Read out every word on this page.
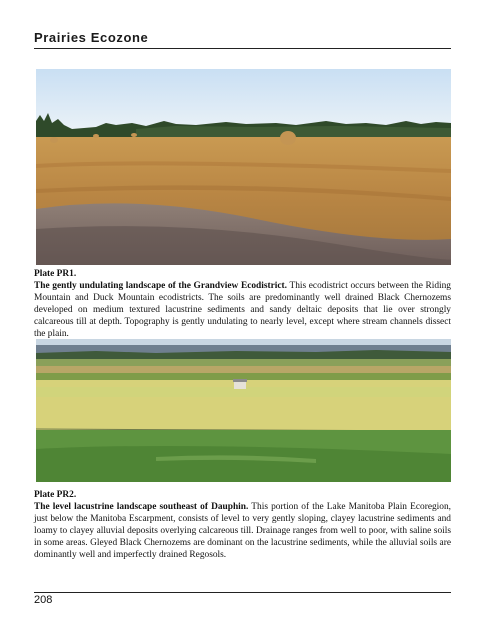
Prairies Ecozone
Plate PR1.
The gently undulating landscape of the Grandview Ecodistrict. This ecodistrict occurs between the Riding Mountain and Duck Mountain ecodistricts. The soils are predominantly well drained Black Chernozems developed on medium textured lacustrine sediments and sandy deltaic deposits that lie over strongly calcareous till at depth. Topography is gently undulating to nearly level, except where stream channels dissect the plain.
Plate PR2.
The level lacustrine landscape southeast of Dauphin. This portion of the Lake Manitoba Plain Ecoregion, just below the Manitoba Escarpment, consists of level to very gently sloping, clayey lacustrine sediments and loamy to clayey alluvial deposits overlying calcareous till. Drainage ranges from well to poor, with saline soils in some areas. Gleyed Black Chernozems are dominant on the lacustrine sediments, while the alluvial soils are dominantly well and imperfectly drained Regosols.
208
